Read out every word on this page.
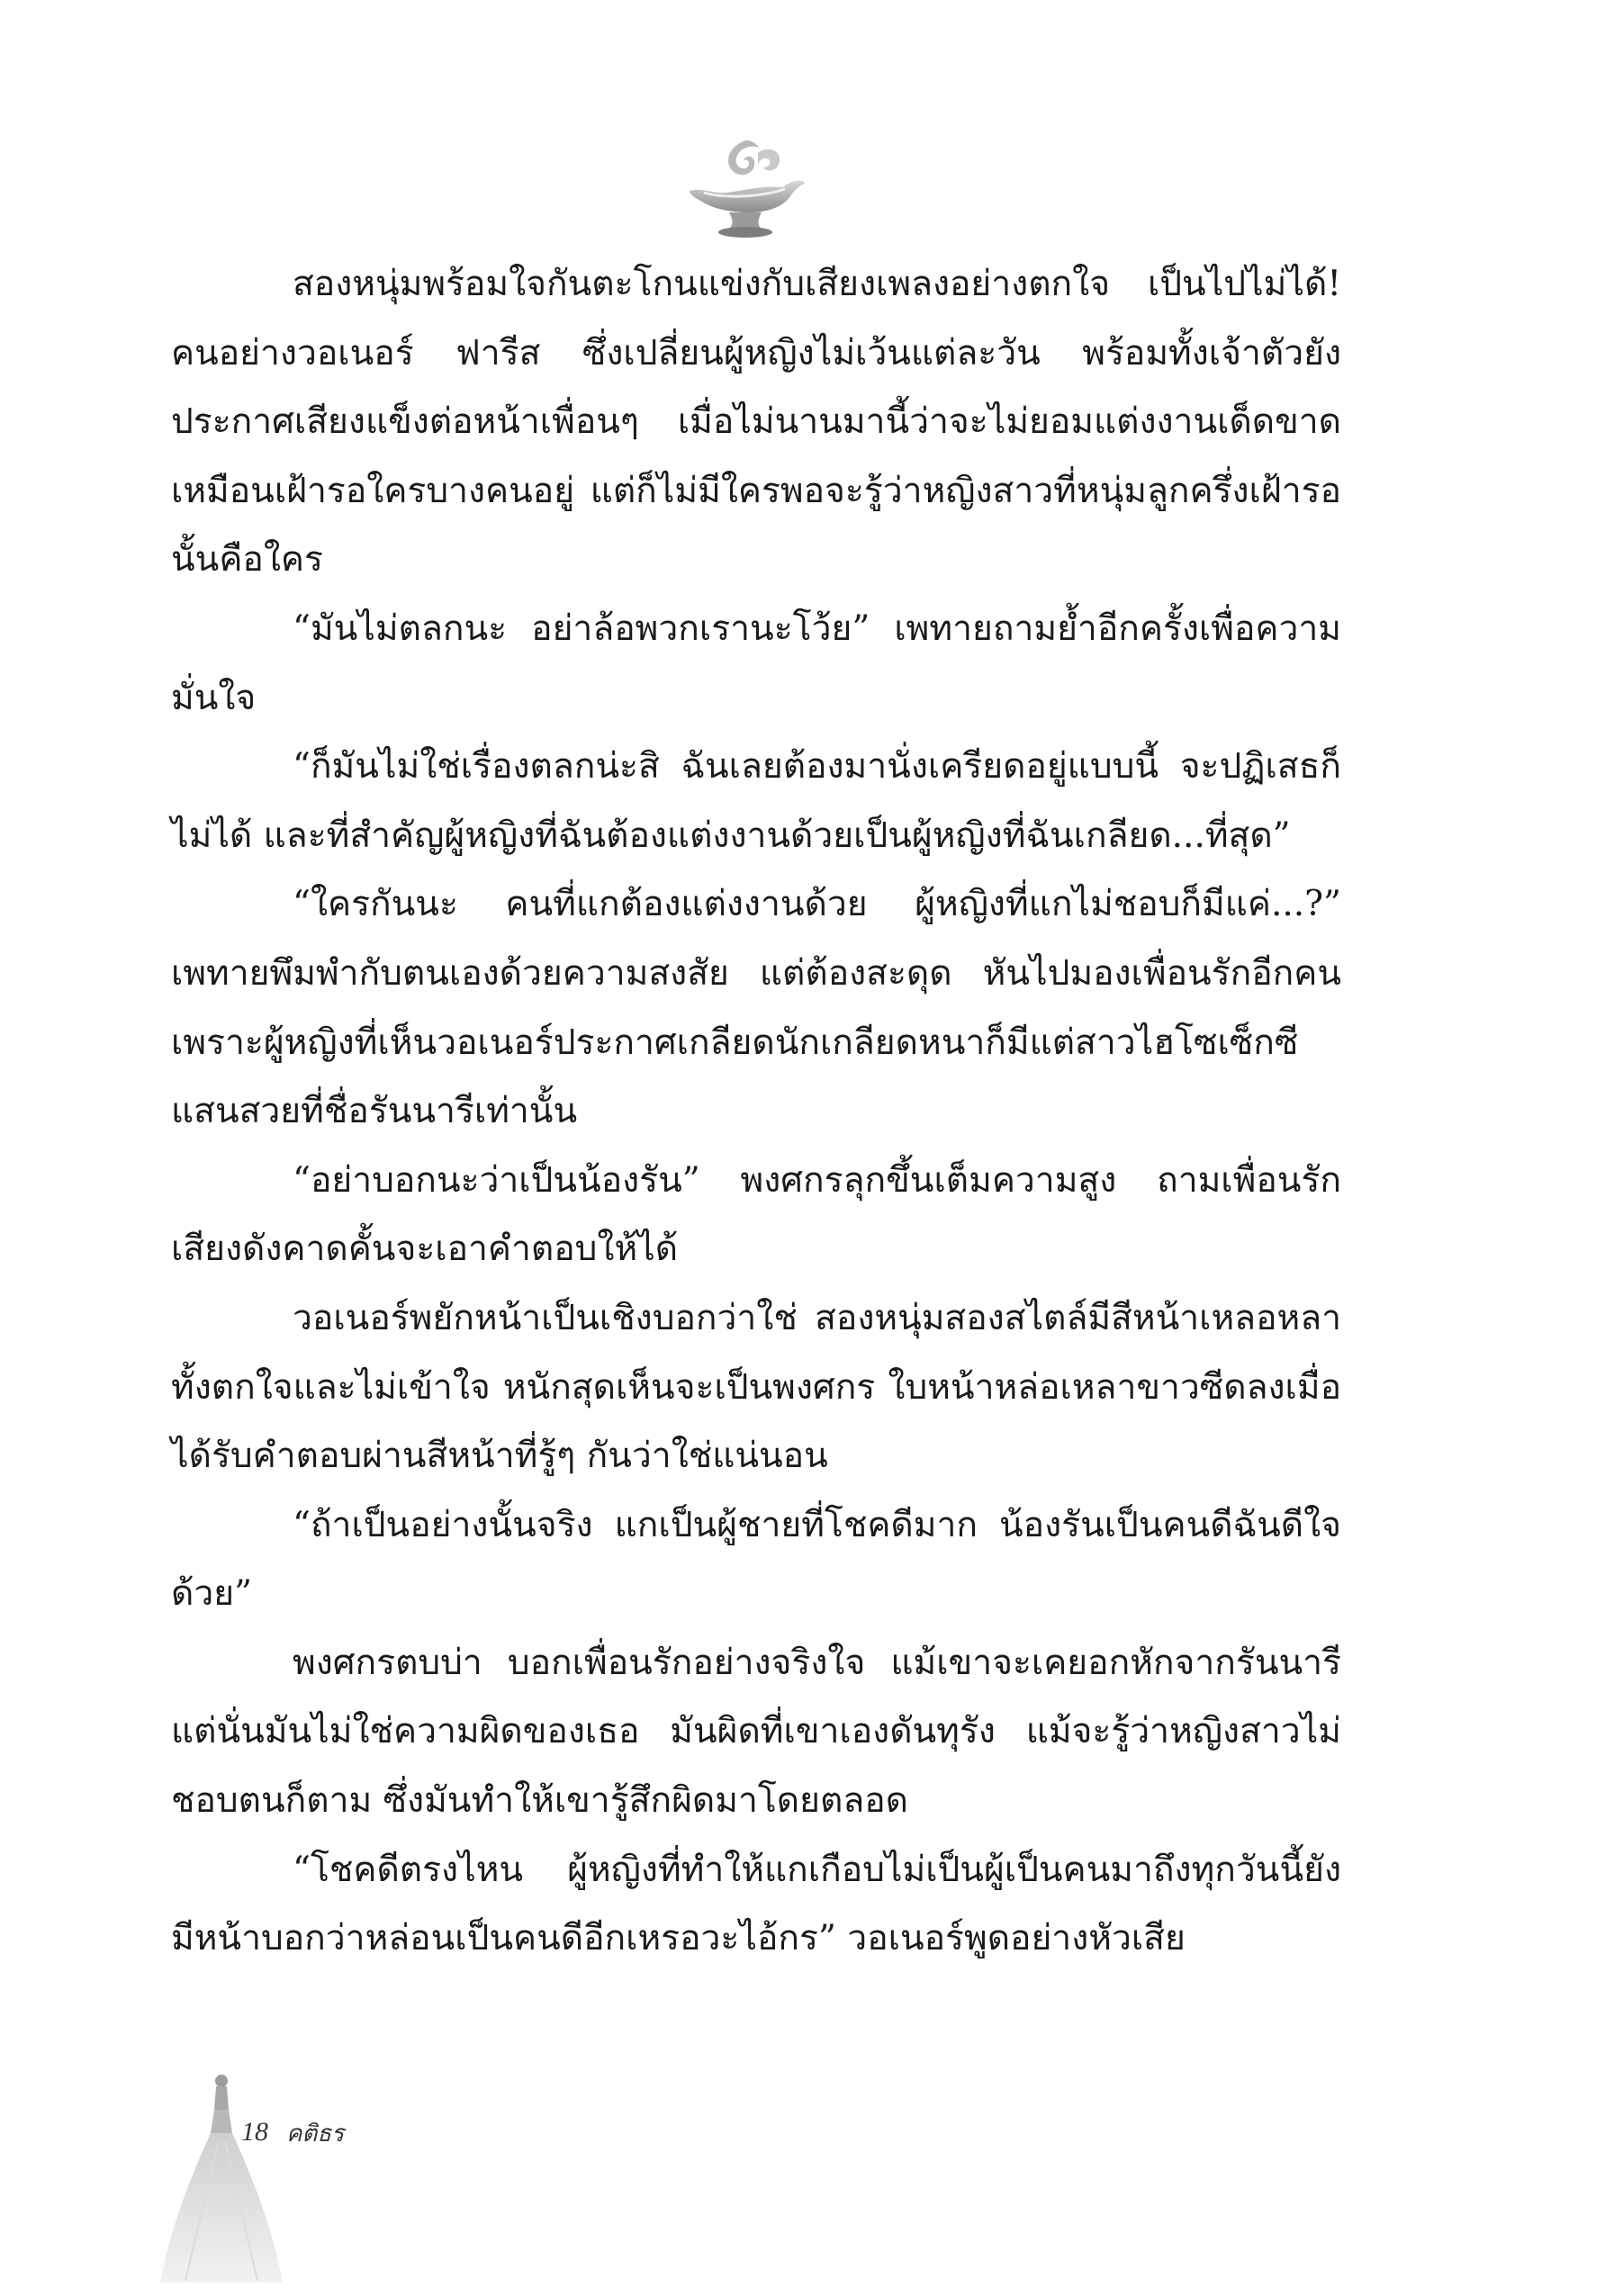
สองหนุ่มพร้อมใจกันตะโกนแข่งกับเสียงเพลงอย่างตกใจ เป็นไปไม่ได้! คนอย่างวอเนอร์ ฟารีส ซึ่งเปลี่ยนผู้หญิงไม่เว้นแต่ละวัน พร้อมทั้งเจ้าตัวยังประกาศเสียงแข็งต่อหน้าเพื่อนๆ เมื่อไม่นานมานี้ว่าจะไม่ยอมแต่งงานเด็ดขาด เหมือนเฝ้ารอใครบางคนอยู่ แต่ก็ไม่มีใครพอจะรู้ว่าหญิงสาวที่หนุ่มลูกครึ่งเฝ้ารอนั้นคือใคร

“มันไม่ตลกนะ อย่าล้อพวกเรานะโว้ย” เพทายถามย้ำอีกครั้งเพื่อความมั่นใจ

“ก็มันไม่ใช่เรื่องตลกน่ะสิ ฉันเลยต้องมานั่งเครียดอยู่แบบนี้ จะปฏิเสธก็ไม่ได้ และที่สำคัญผู้หญิงที่ฉันต้องแต่งงานด้วยเป็นผู้หญิงที่ฉันเกลียด...ที่สุด”

“ใครกันนะ คนที่แกต้องแต่งงานด้วย ผู้หญิงที่แกไม่ชอบก็มีแค่...?” เพทายพึมพำกับตนเองด้วยความสงสัย แต่ต้องสะดุด หันไปมองเพื่อนรักอีกคน เพราะผู้หญิงที่เห็นวอเนอร์ประกาศเกลียดนักเกลียดหนาก็มีแต่สาวไฮโซเซ็กซีแสนสวยที่ชื่อรันนารีเท่านั้น

“อย่าบอกนะว่าเป็นน้องรัน” พงศกรลุกขึ้นเต็มความสูง ถามเพื่อนรักเสียงดังคาดคั้นจะเอาคำตอบให้ได้

วอเนอร์พยักหน้าเป็นเชิงบอกว่าใช่ สองหนุ่มสองสไตล์มีสีหน้าเหลอหลา ทั้งตกใจและไม่เข้าใจ หนักสุดเห็นจะเป็นพงศกร ใบหน้าหล่อเหลาขาวซีดลงเมื่อได้รับคำตอบผ่านสีหน้าที่รู้ๆ กันว่าใช่แน่นอน

“ถ้าเป็นอย่างนั้นจริง แกเป็นผู้ชายที่โชคดีมาก น้องรันเป็นคนดีฉันดีใจด้วย”

พงศกรตบบ่า บอกเพื่อนรักอย่างจริงใจ แม้เขาจะเคยอกหักจากรันนารี แต่นั่นมันไม่ใช่ความผิดของเธอ มันผิดที่เขาเองดันทุรัง แม้จะรู้ว่าหญิงสาวไม่ชอบตนก็ตาม ซึ่งมันทำให้เขารู้สึกผิดมาโดยตลอด

“โชคดีตรงไหน ผู้หญิงที่ทำให้แกเกือบไม่เป็นผู้เป็นคนมาถึงทุกวันนี้ยังมีหน้าบอกว่าหล่อนเป็นคนดีอีกเหรอวะไอ้กร” วอเนอร์พูดอย่างหัวเสีย

18 คติธร
